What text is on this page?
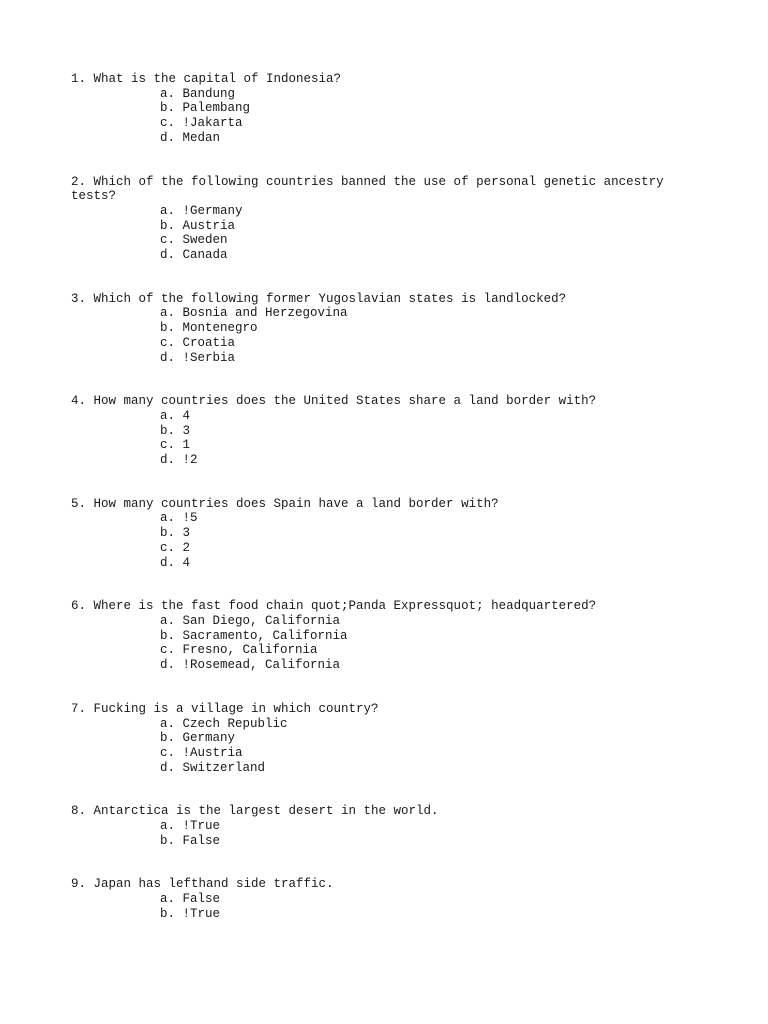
1. What is the capital of Indonesia?

a. Bandung
b. Palembang
c. !Jakarta
d. Medan

2. Which of the following countries banned the use of personal genetic ancestry tests?

a. !Germany
b. Austria
c. Sweden
d. Canada

3. Which of the following former Yugoslavian states is landlocked?

a. Bosnia and Herzegovina
b. Montenegro
c. Croatia
d. !Serbia

4. How many countries does the United States share a land border with?

a. 4
b. 3
c. 1
d. !2

5. How many countries does Spain have a land border with?

a. !5
b. 3
c. 2
d. 4

6. Where is the fast food chain quot;Panda Expressquot; headquartered?

a. San Diego, California
b. Sacramento, California
c. Fresno, California
d. !Rosemead, California

7. Fucking is a village in which country?

a. Czech Republic
b. Germany
c. !Austria
d. Switzerland

8. Antarctica is the largest desert in the world.

a. !True
b. False

9. Japan has lefthand side traffic.

a. False
b. !True
